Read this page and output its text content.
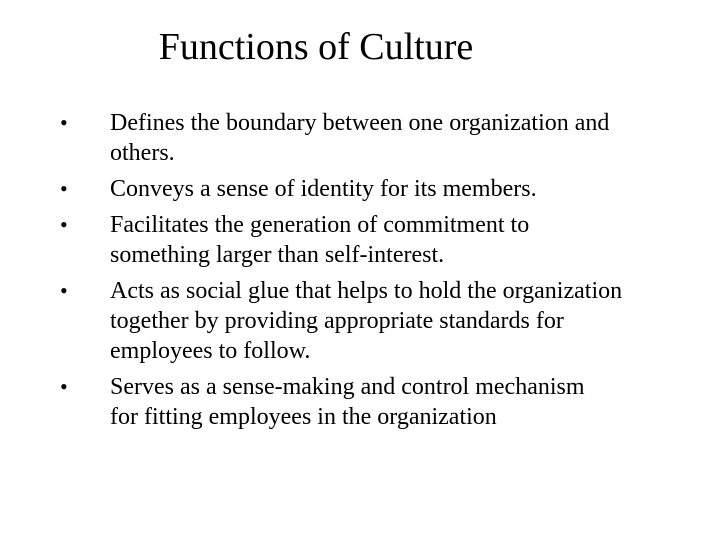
Functions of Culture
•	Defines the boundary between one organization and
others.
•	Conveys a sense of identity for its members.
•	Facilitates the generation of commitment to
something larger than self-interest.
•	Acts as social glue that helps to hold the organization
together by providing appropriate standards for
employees to follow.
•	Serves as a sense-making and control mechanism
for fitting employees in the organization
